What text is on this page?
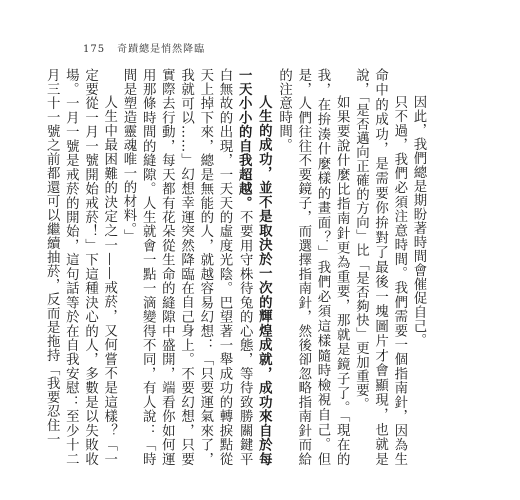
175 奇蹟總是悄然降臨

因此，我們總是期盼著時間會催促自己。

只不過，我們必須注意時間。我們需要一個指南針，因為生命中的成功，是需要你拚對了最後一塊圖片才會顯現，也就是說，「是否邁向正確的方向」比「是否夠快」更加重要。

如果要說什麼比指南針更為重要，那就是鏡子了。「現在的我，在拚湊什麼樣的畫面？」我們必須這樣隨時檢視自己。但是，人們往往不要鏡子，而選擇指南針，然後卻忽略指南針而給的注意時間。

人生的成功，並不是取決於一次的輝煌成就，成功來自於每一天小小的自我超越。不要用守株待兔的心態，等待致勝關鍵平白無故的出現，一天天的虛度光陰。巴望著一舉成功的轉捩點從天上掉下來，總是無能的人，就越容易幻想：「只要運氣來了，我就可以……」幻想幸運突然降臨在自己身上。不要幻想，只要實際去行動，每天都有花朵從生命的縫隙中盛開，端看你如何運用那條時間的縫隙。人生就會一點一滴變得不同，有人說：「時間是塑造靈魂唯一的材料。」

人生中最困難的決定之一——戒菸，又何嘗不是這樣？「一定要從一月一號開始戒菸！」下這種決心的人，多數是以失敗收場。一月一號是戒菸的開始，這句話等於在自我安慰：至少十二月三十一號之前都還可以繼續抽菸，反而是拖持「我要忍住一
